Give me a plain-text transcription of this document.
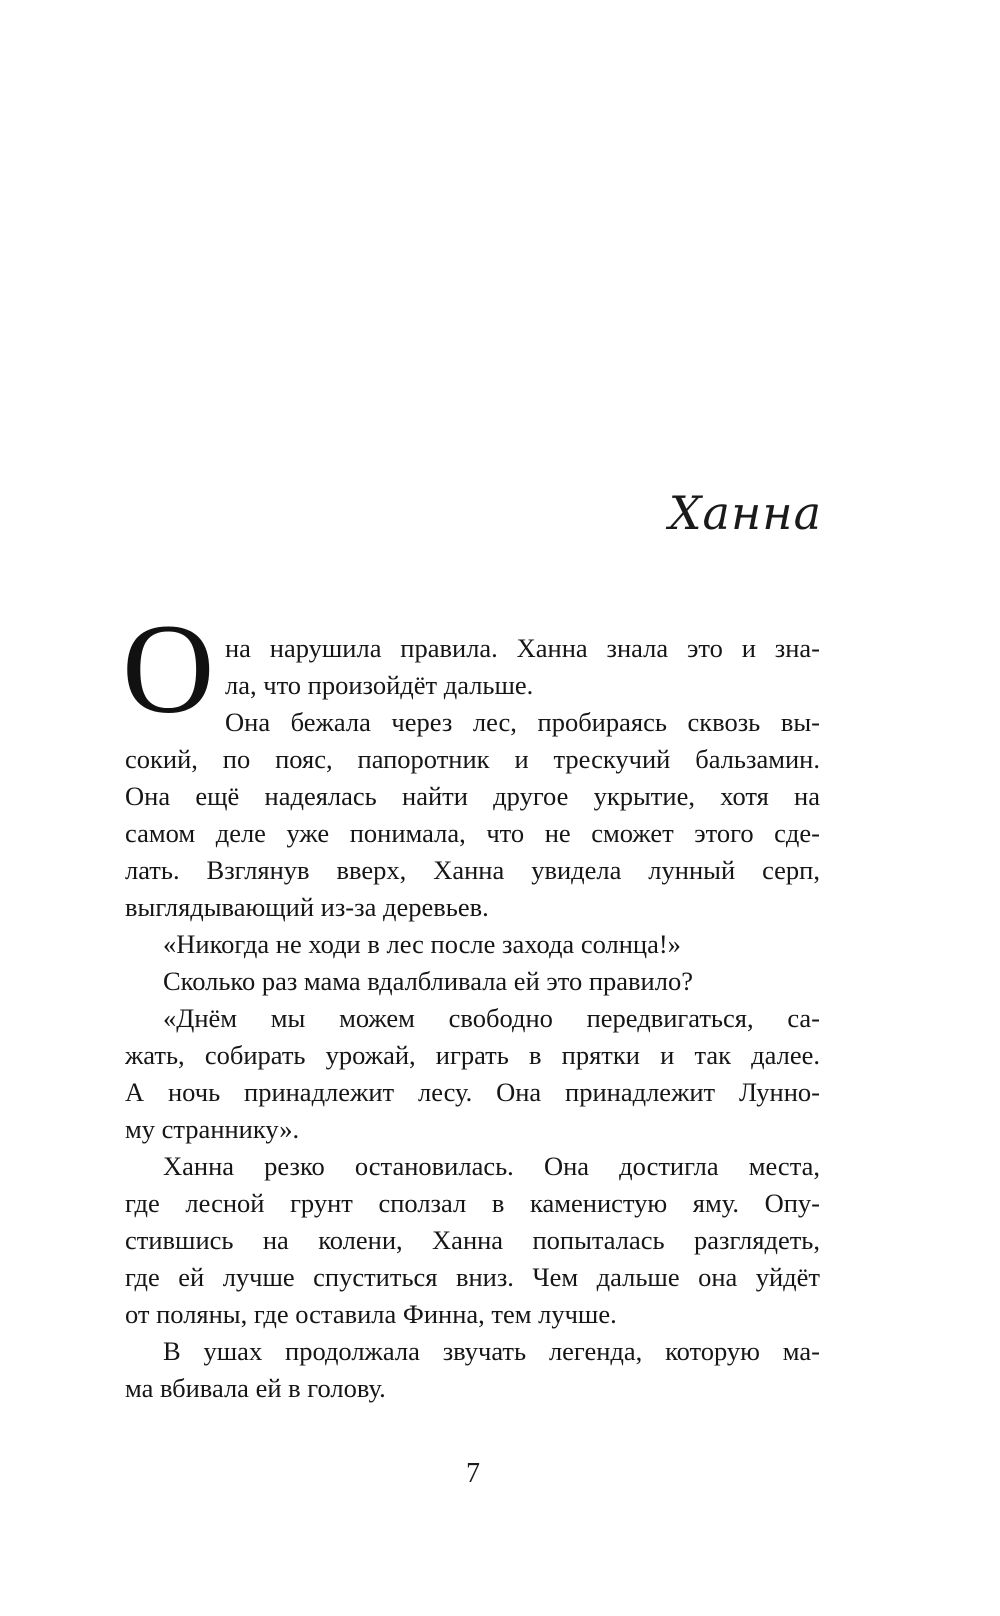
Ханна
О на нарушила правила. Ханна знала это и зна-
ла, что произойдёт дальше.
Она бежала через лес, пробираясь сквозь вы-
сокий, по пояс, папоротник и трескучий бальзамин.
Она ещё надеялась найти другое укрытие, хотя на
самом деле уже понимала, что не сможет этого сде-
лать. Взглянув вверх, Ханна увидела лунный серп,
выглядывающий из-за деревьев.
«Никогда не ходи в лес после захода солнца!»
Сколько раз мама вдалбливала ей это правило?
«Днём мы можем свободно передвигаться, са-
жать, собирать урожай, играть в прятки и так далее.
А ночь принадлежит лесу. Она принадлежит Лунно-
му страннику».
Ханна резко остановилась. Она достигла места,
где лесной грунт сползал в каменистую яму. Опу-
стившись на колени, Ханна попыталась разглядеть,
где ей лучше спуститься вниз. Чем дальше она уйдёт
от поляны, где оставила Финна, тем лучше.
В ушах продолжала звучать легенда, которую ма-
ма вбивала ей в голову.
7
